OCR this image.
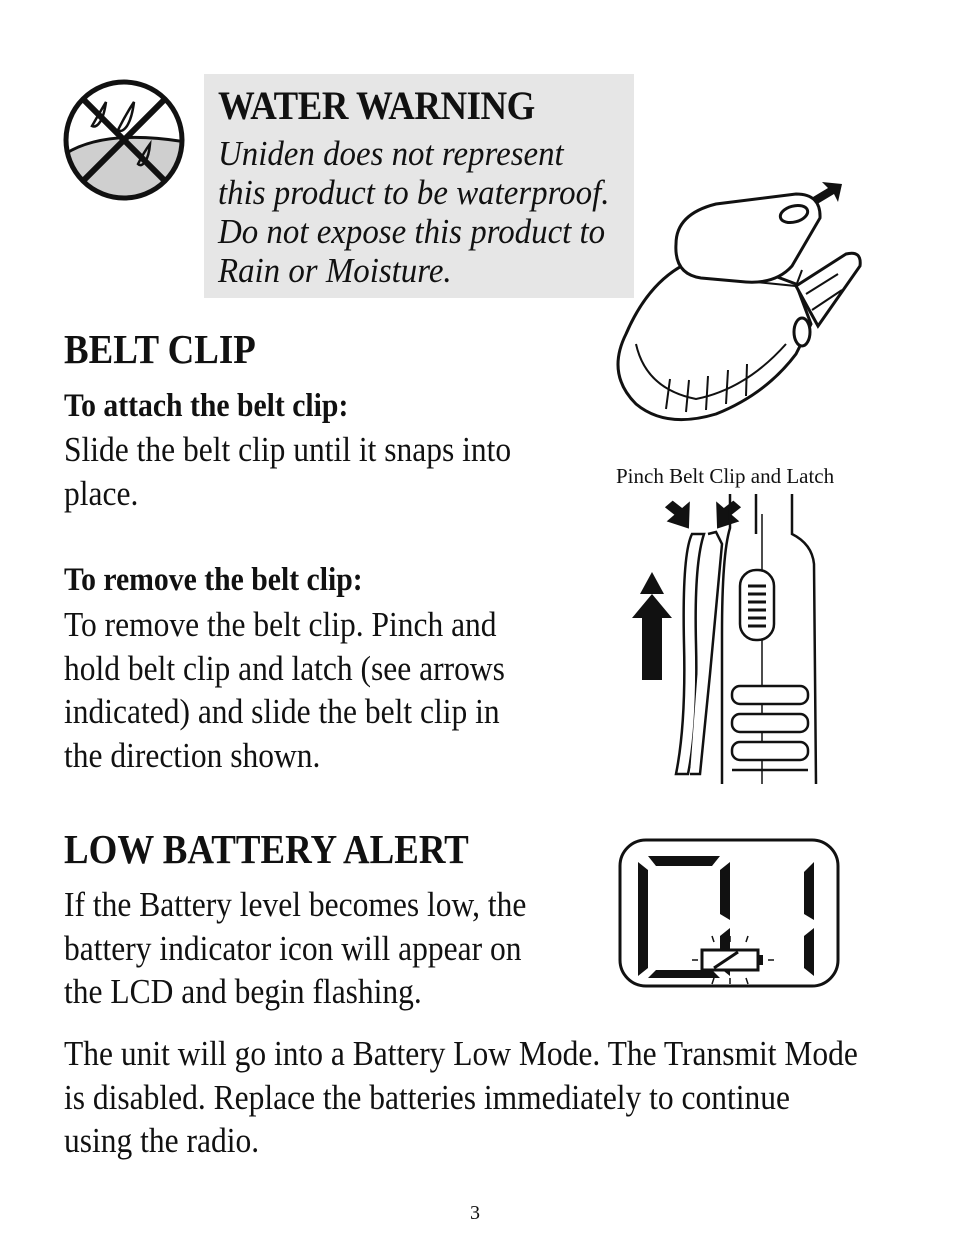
WATER WARNING
Uniden does not represent
this product to be waterproof.
Do not expose this product to
Rain or Moisture.
BELT CLIP
To attach the belt clip:
Slide the belt clip until it snaps into place.
To remove the belt clip:
To remove the belt clip. Pinch and hold belt clip and latch (see arrows indicated) and slide the belt clip in the direction shown.
Pinch Belt Clip and Latch
LOW BATTERY ALERT
If the Battery level becomes low, the battery indicator icon will appear on the LCD and begin flashing.
The unit will go into a Battery Low Mode. The Transmit Mode is disabled. Replace the batteries immediately to continue using the radio.
3
